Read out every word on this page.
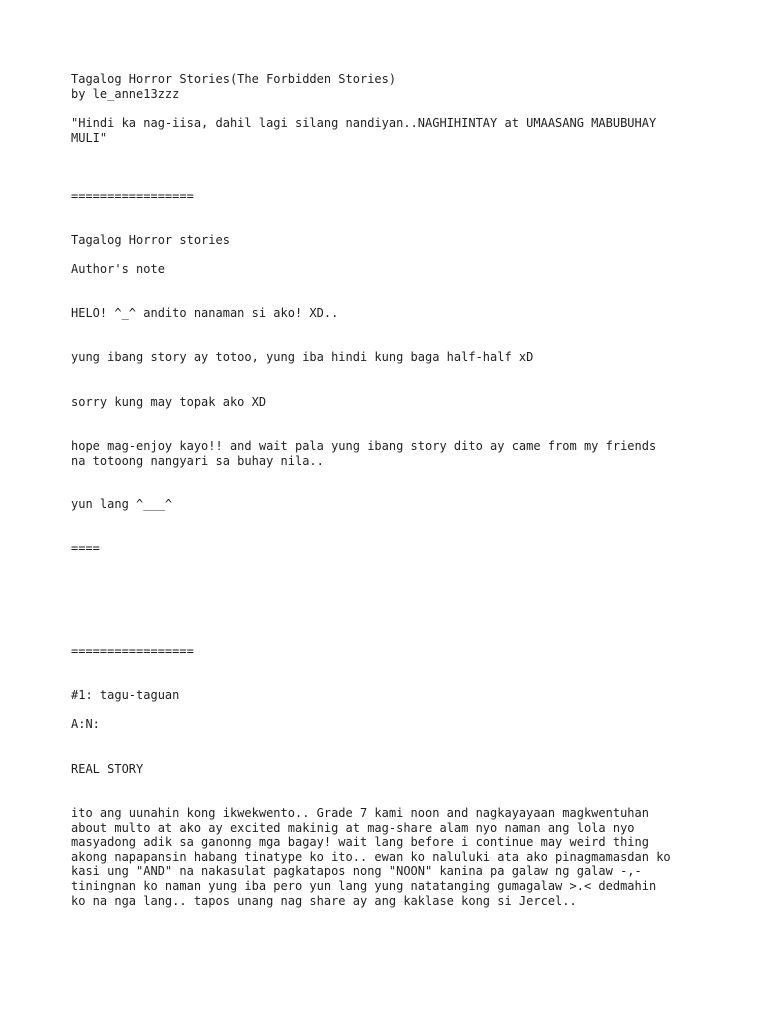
Tagalog Horror Stories(The Forbidden Stories)
by le_anne13zzz
"Hindi ka nag-iisa, dahil lagi silang nandiyan..NAGHIHINTAY at UMAASANG MABUBUHAY
MULI"
=================
Tagalog Horror stories
Author's note
HELO! ^_^ andito nanaman si ako! XD..
yung ibang story ay totoo, yung iba hindi kung baga half-half xD
sorry kung may topak ako XD
hope mag-enjoy kayo!! and wait pala yung ibang story dito ay came from my friends
na totoong nangyari sa buhay nila..
yun lang ^___^
====
=================
#1: tagu-taguan
A:N:
REAL STORY
ito ang uunahin kong ikwekwento.. Grade 7 kami noon and nagkayayaan magkwentuhan
about multo at ako ay excited makinig at mag-share alam nyo naman ang lola nyo
masyadong adik sa ganonng mga bagay! wait lang before i continue may weird thing
akong napapansin habang tinatype ko ito.. ewan ko naluluki ata ako pinagmamasdan ko
kasi ung "AND" na nakasulat pagkatapos nong "NOON" kanina pa galaw ng galaw -,-
tiningnan ko naman yung iba pero yun lang yung natatanging gumagalaw >.< dedmahin
ko na nga lang.. tapos unang nag share ay ang kaklase kong si Jercel..
